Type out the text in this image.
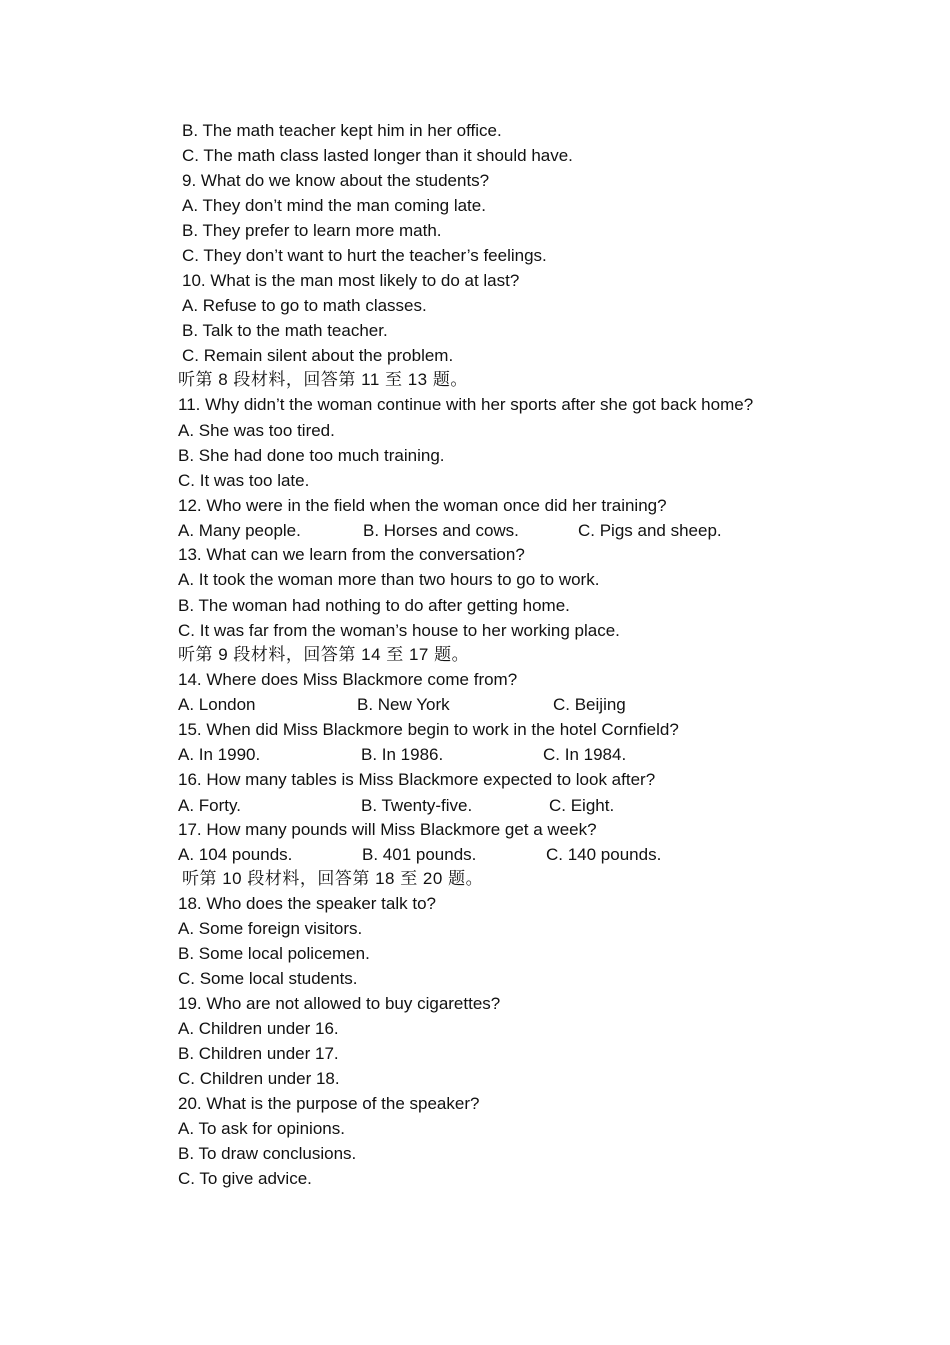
B. The math teacher kept him in her office.
C. The math class lasted longer than it should have.
9. What do we know about the students?
A. They don’t mind the man coming late.
B. They prefer to learn more math.
C. They don’t want to hurt the teacher’s feelings.
10. What is the man most likely to do at last?
A. Refuse to go to math classes.
B. Talk to the math teacher.
C. Remain silent about the problem.
听第 8 段材料，回答第 11 至 13 题。
11. Why didn’t the woman continue with her sports after she got back home?
A. She was too tired.
B. She had done too much training.
C. It was too late.
12. Who were in the field when the woman once did her training?
A. Many people.	B. Horses and cows.	C. Pigs and sheep.
13. What can we learn from the conversation?
A. It took the woman more than two hours to go to work.
B. The woman had nothing to do after getting home.
C. It was far from the woman’s house to her working place.
听第 9 段材料，回答第 14 至 17 题。
14. Where does Miss Blackmore come from?
A. London	B. New York	C. Beijing
15. When did Miss Blackmore begin to work in the hotel Cornfield?
A. In 1990.	B. In 1986.	C. In 1984.
16. How many tables is Miss Blackmore expected to look after?
A. Forty.	B. Twenty-five.	C. Eight.
17. How many pounds will Miss Blackmore get a week?
A. 104 pounds.	B. 401 pounds.	C. 140 pounds.
听第 10 段材料，回答第 18 至 20 题。
18. Who does the speaker talk to?
A. Some foreign visitors.
B. Some local policemen.
C. Some local students.
19. Who are not allowed to buy cigarettes?
A. Children under 16.
B. Children under 17.
C. Children under 18.
20. What is the purpose of the speaker?
A. To ask for opinions.
B. To draw conclusions.
C. To give advice.
